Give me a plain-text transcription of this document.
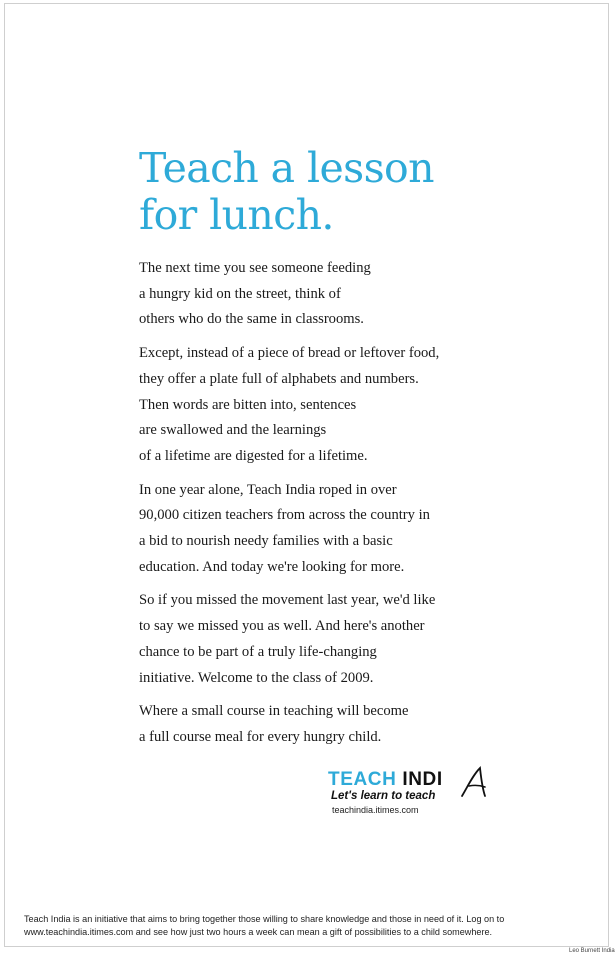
Teach a lesson
for lunch.

The next time you see someone feeding
a hungry kid on the street, think of
others who do the same in classrooms.

Except, instead of a piece of bread or leftover food,
they offer a plate full of alphabets and numbers.
Then words are bitten into, sentences
are swallowed and the learnings
of a lifetime are digested for a lifetime.

In one year alone, Teach India roped in over
90,000 citizen teachers from across the country in
a bid to nourish needy families with a basic
education. And today we're looking for more.

So if you missed the movement last year, we'd like
to say we missed you as well. And here's another
chance to be part of a truly life-changing
initiative. Welcome to the class of 2009.

Where a small course in teaching will become
a full course meal for every hungry child.

TEACH INDI
Let's learn to teach
teachindia.itimes.com
Teach India is an initiative that aims to bring together those willing to share knowledge and those in need of it. Log on to
www.teachindia.itimes.com and see how just two hours a week can mean a gift of possibilities to a child somewhere.
Leo Burnett India
